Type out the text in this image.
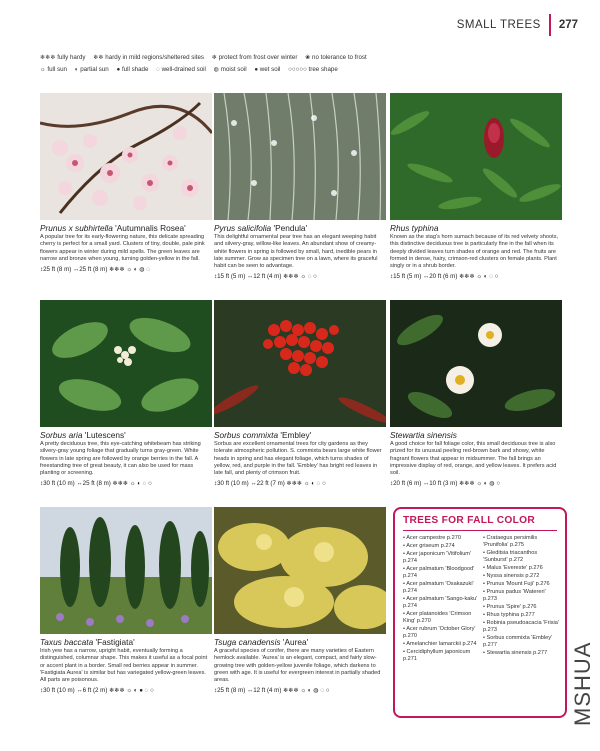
SMALL TREES 277
❄❄❄ fully hardy ❄❄ hardy in mild regions/sheltered sites ❄ protect from frost over winter ❀ no tolerance to frost
☼ full sun ◐ partial sun ● full shade ◌ well-drained soil ◍ moist soil ● wet soil ○○○○○ tree shape
Prunus x subhirtella 'Autumnalis Rosea'
A popular tree for its early-flowering nature, this delicate spreading cherry is perfect for a small yard. Clusters of tiny, double, pale pink flowers appear in winter during mild spells. The green leaves are narrow and bronze when young, turning golden-yellow in the fall.
↕25 ft (8 m) ↔25 ft (8 m) ❄❄❄ ☼ ◐ ◍ ◌
Pyrus salicifolia 'Pendula'
This delightful ornamental pear tree has an elegant weeping habit and silvery-gray, willow-like leaves. An abundant show of creamy-white flowers in spring is followed by small, hard, inedible pears in late summer. Grow as specimen tree on a lawn, where its graceful habit can be seen to advantage.
↕15 ft (5 m) ↔12 ft (4 m) ❄❄❄ ☼ ◌ ○
Rhus typhina
Known as the stag's horn sumach because of its red velvety shoots, this distinctive deciduous tree is particularly fine in the fall when its deeply divided leaves turn shades of orange and red. The fruits are formed in dense, hairy, crimson-red clusters on female plants. Plant singly or in a shrub border.
↕15 ft (5 m) ↔20 ft (6 m) ❄❄❄ ☼ ◐ ◌ ○
Sorbus aria 'Lutescens'
A pretty deciduous tree, this eye-catching whitebeam has striking silvery-gray young foliage that gradually turns gray-green. White flowers in late spring are followed by orange berries in the fall. A freestanding tree of great beauty, it can also be used for mass planting or screening.
↕30 ft (10 m) ↔25 ft (8 m) ❄❄❄ ☼ ◐ ◌ ○
Sorbus commixta 'Embley'
Sorbus are excellent ornamental trees for city gardens as they tolerate atmospheric pollution. S. commixta bears large white flower heads in spring and has elegant foliage, which turns shades of yellow, red, and purple in the fall. 'Embley' has bright red leaves in late fall, and plenty of crimson fruit.
↕30 ft (10 m) ↔22 ft (7 m) ❄❄❄ ☼ ◐ ◌ ○
Stewartia sinensis
A good choice for fall foliage color, this small deciduous tree is also prized for its unusual peeling red-brown bark and showy, white fragrant flowers that appear in midsummer. The fall brings an impressive display of red, orange, and yellow leaves. It prefers acid soil.
↕20 ft (6 m) ↔10 ft (3 m) ❄❄❄ ☼ ◐ ◍ ○
Taxus baccata 'Fastigiata'
Irish yew has a narrow, upright habit, eventually forming a distinguished, columnar shape. This makes it useful as a focal point or accent plant in a border. Small red berries appear in summer. 'Fastigiata Aurea' is similar but has variegated yellow-green leaves. All parts are poisonous.
↕30 ft (10 m) ↔6 ft (2 m) ❄❄❄ ☼ ◐ ● ◌ ○
Tsuga canadensis 'Aurea'
A graceful species of conifer, there are many varieties of Eastern hemlock available. 'Aurea' is an elegant, compact, and fairly slow-growing tree with golden-yellow juvenile foliage, which darkens to green with age. It is useful for evergreen interest in partially shaded areas.
↕25 ft (8 m) ↔12 ft (4 m) ❄❄❄ ☼ ◐ ◍ ◌ ○
TREES FOR FALL COLOR
• Acer campestre p.270
• Acer griseum p.274
• Acer japonicum 'Vitifolium' p.274
• Acer palmatum 'Bloodgood' p.274
• Acer palmatum 'Osakazuki' p.274
• Acer palmatum 'Sango-kaku' p.274
• Acer platanoides 'Crimson King' p.270
• Acer rubrum 'October Glory' p.270
• Amelanchier lamarckii p.274
• Cercidiphyllum japonicum p.271
• Crataegus persimilis 'Prunifolia' p.275
• Gleditsia triacanthos 'Sunburst' p.272
• Malus 'Evereste' p.276
• Nyssa sinensis p.272
• Prunus 'Mount Fuji' p.276
• Prunus padus 'Watereri' p.273
• Prunus 'Spire' p.276
• Rhus typhina p.277
• Robinia pseudoacacia 'Frisia' p.273
• Sorbus commixta 'Embley' p.277
• Stewartia sinensis p.277	MSHUA
